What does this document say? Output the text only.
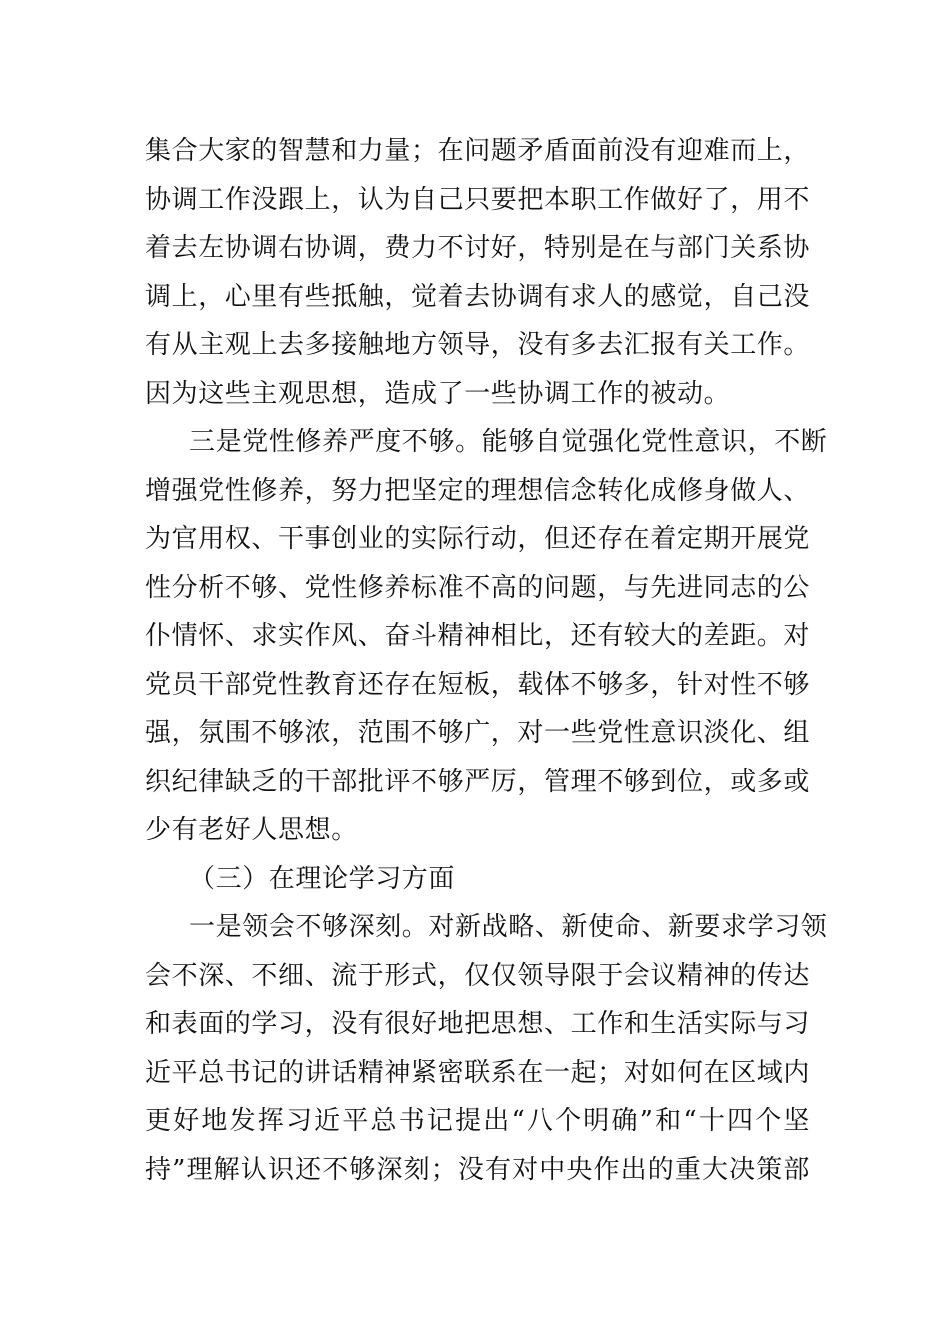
集合大家的智慧和力量；在问题矛盾面前没有迎难而上，
协调工作没跟上，认为自己只要把本职工作做好了，用不
着去左协调右协调，费力不讨好，特别是在与部门关系协
调上，心里有些抵触，觉着去协调有求人的感觉，自己没
有从主观上去多接触地方领导，没有多去汇报有关工作。
因为这些主观思想，造成了一些协调工作的被动。
三是党性修养严度不够。能够自觉强化党性意识，不断
增强党性修养，努力把坚定的理想信念转化成修身做人、
为官用权、干事创业的实际行动，但还存在着定期开展党
性分析不够、党性修养标准不高的问题，与先进同志的公
仆情怀、求实作风、奋斗精神相比，还有较大的差距。对
党员干部党性教育还存在短板，载体不够多，针对性不够
强，氛围不够浓，范围不够广，对一些党性意识淡化、组
织纪律缺乏的干部批评不够严厉，管理不够到位，或多或
少有老好人思想。
（三）在理论学习方面
一是领会不够深刻。对新战略、新使命、新要求学习领
会不深、不细、流于形式，仅仅领导限于会议精神的传达
和表面的学习，没有很好地把思想、工作和生活实际与习
近平总书记的讲话精神紧密联系在一起；对如何在区域内
更好地发挥习近平总书记提出“八个明确”和“十四个坚
持”理解认识还不够深刻；没有对中央作出的重大决策部
